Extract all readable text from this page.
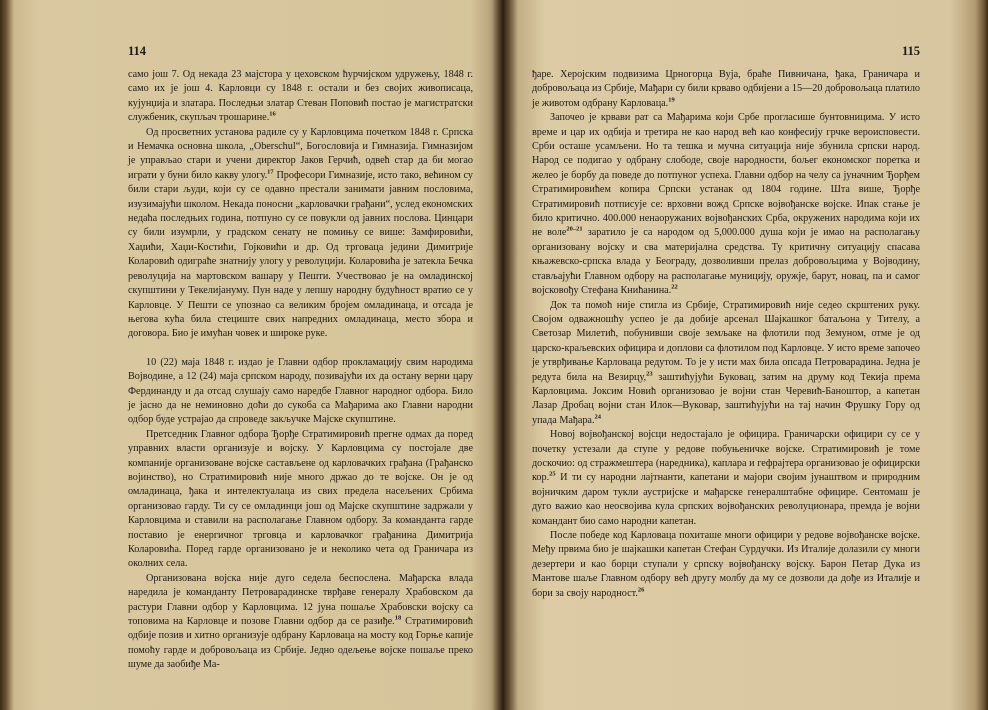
114

само још 7. Од некада 23 мајстора у цеховском ћурчијском удружењу, 1848 г. само их је још 4. Карловци су 1848 г. остали и без својих живописаца, кујунџија и златара. Последњи златар Стеван Поповић постао је магистратски службеник, скупљач трошарине.$^{16}$

Од просветних установа радиле су у Карловцима почетком 1848 г. Српска и Немачка основна школа, „Oberschul“, Богословија и Гимназија. Гимназијом је управљао стари и учени директор Јаков Герчић, одвећ стар да би могао играти у буни било какву улогу.$^{17}$ Професори Гимназије, исто тако, већином су били стари људи, који су се одавно престали занимати јавним пословима, изузимајући школом. Некада поносни „карловачки грађани“, услед економских недаћа последњих година, потпуно су се повукли од јавних послова. Цинцари су били изумрли, у градском сенату не помињу се више: Замфировићи, Хаџићи, Хаџи-Костићи, Гојковићи и др. Од трговаца једини Димитрије Коларовић одиграће знатнију улогу у револуцији. Коларовића је затекла Бечка револуција на мартовском вашару у Пешти. Учествовао је на омладинској скупштини у Текелијануму. Пун наде у лепшу народну будућност вратио се у Карловце. У Пешти се упознао са великим бројем омладинаца, и отсада је његова кућа била стециште свих напредних омладинаца, место збора и договора. Био је имућан човек и широке руке.

10 (22) маја 1848 г. издао је Главни одбор прокламацију свим народима Војводине, а 12 (24) маја српском народу, позивајући их да остану верни цару Фердинанду и да отсад слушају само наредбе Главног народног одбора. Било је јасно да не неминовно доћи до сукоба са Мађарима ако Главни народни одбор буде устрајао да спроведе закључке Мајске скупштине.

Претседник Главног одбора Ђорђе Стратимировић прегне одмах да поред управних власти организује и војску. У Карловцима су постојале две компаније организоване војске састављене од карловачких грађана (Грађанско војинство), но Стратимировић није много држао до те војске. Он је од омладинаца, ђака и интелектуалаца из свих предела насељених Србима организовао гарду. Ти су се омладинци још од Мајске скупштине задржали у Карловцима и ставили на располагање Главном одбору. За команданта гарде поставио је енергичног трговца и карловачког грађанина Димитрија Коларовића. Поред гарде организовано је и неколико чета од Граничара из околних села.

Организована војска није дуго седела беспослена. Мађарска влада наредила је команданту Петроварадинске тврђаве генералу Храбовском да растури Главни одбор у Карловцима. 12 јуна пошаље Храбовски војску са топовима на Карловце и позове Главни одбор да се разиђе.$^{18}$ Стратимировић одбије позив и хитно организује одбрану Карловаца на мосту код Горње капије помоћу гарде и добровољаца из Србије. Једно одељење војске пошаље преко шуме да заобиђе Ма-

115

ђаре. Херојским подвизима Црногорца Вуја, браће Пивничана, ђака, Граничара и добровољаца из Србије, Мађари су били крваво одбијени а 15—20 добровољаца платило је животом одбрану Карловаца.$^{19}$

Започео је крвави рат са Мађарима који Србе прогласише бунтовницима. У исто време и цар их одбија и третира не као народ већ као конфесију грчке вероисповести. Срби осташе усамљени. Но та тешка и мучна ситуација није збунила српски народ. Народ се подигао у одбрану слободе, своје народности, бољег економског поретка и желео је борбу да поведе до потпуног успеха. Главни одбор на челу са јуначним Ђорђем Стратимировићем копира Српски устанак од 1804 године. Шта више, Ђорђе Стратимировић потписује се: врховни вожд Српске војвођанске војске. Ипак стање је било критично. 400.000 ненаоружаних војвођанских Срба, окружених народима који их не воле$^{20-21}$ заратило је са народом од 5,000.000 душа који је имао на располагању организовану војску и сва материјална средства. Ту критичну ситуацију спасава књажевско-српска влада у Београду, дозволивши прелаз добровољцима у Војводину, стављајући Главном одбору на располагање муницију, оружје, барут, новац, па и самог војсковођу Стефана Книћанина.$^{22}$

Док та помоћ није стигла из Србије, Стратимировић није седео скрштених руку. Својом одважношћу успео је да добије арсенал Шајкашког батаљона у Тителу, а Светозар Милетић, побунивши своје земљаке на флотили под Земуном, отме је од царско-краљевских официра и доплови са флотилом под Карловце. У исто време започео је утврђивање Карловаца редутом. То је у исти мах била опсада Петроварадина. Једна је редута била на Везирцу,$^{23}$ заштићујући Буковац, затим на друму код Текија према Карловцима. Јоксим Новић организовао је војни стан Черевић-Баноштор, а капетан Лазар Дробац војни стан Илок—Вуковар, заштићујући на тај начин Фрушку Гору од упада Мађара.$^{24}$

Новој војвођанској војсци недостајало је официра. Граничарски официри су се у почетку устезали да ступе у редове побуњеничке војске. Стратимировић је томе доскочио: од стражмештера (наредника), каплара и гефрајтера организовао је официрски кор.$^{25}$ И ти су народни лајтнанти, капетани и мајори својим јунаштвом и природним војничким даром тукли аустријске и мађарске генералштабне официре. Сентомаш је дуго важио као неосвојива кула српских војвођанских револуционара, премда је војни командант био само народни капетан.

После победе код Карловаца похиташе многи официри у редове војвођанске војске. Међу првима био је шајкашки капетан Стефан Сурдучки. Из Италије долазили су многи дезертери и као борци ступали у српску војвођанску војску. Барон Петар Дука из Мантове шаље Главном одбору већ другу молбу да му се дозволи да дође из Италије и бори за своју народност.$^{26}$
